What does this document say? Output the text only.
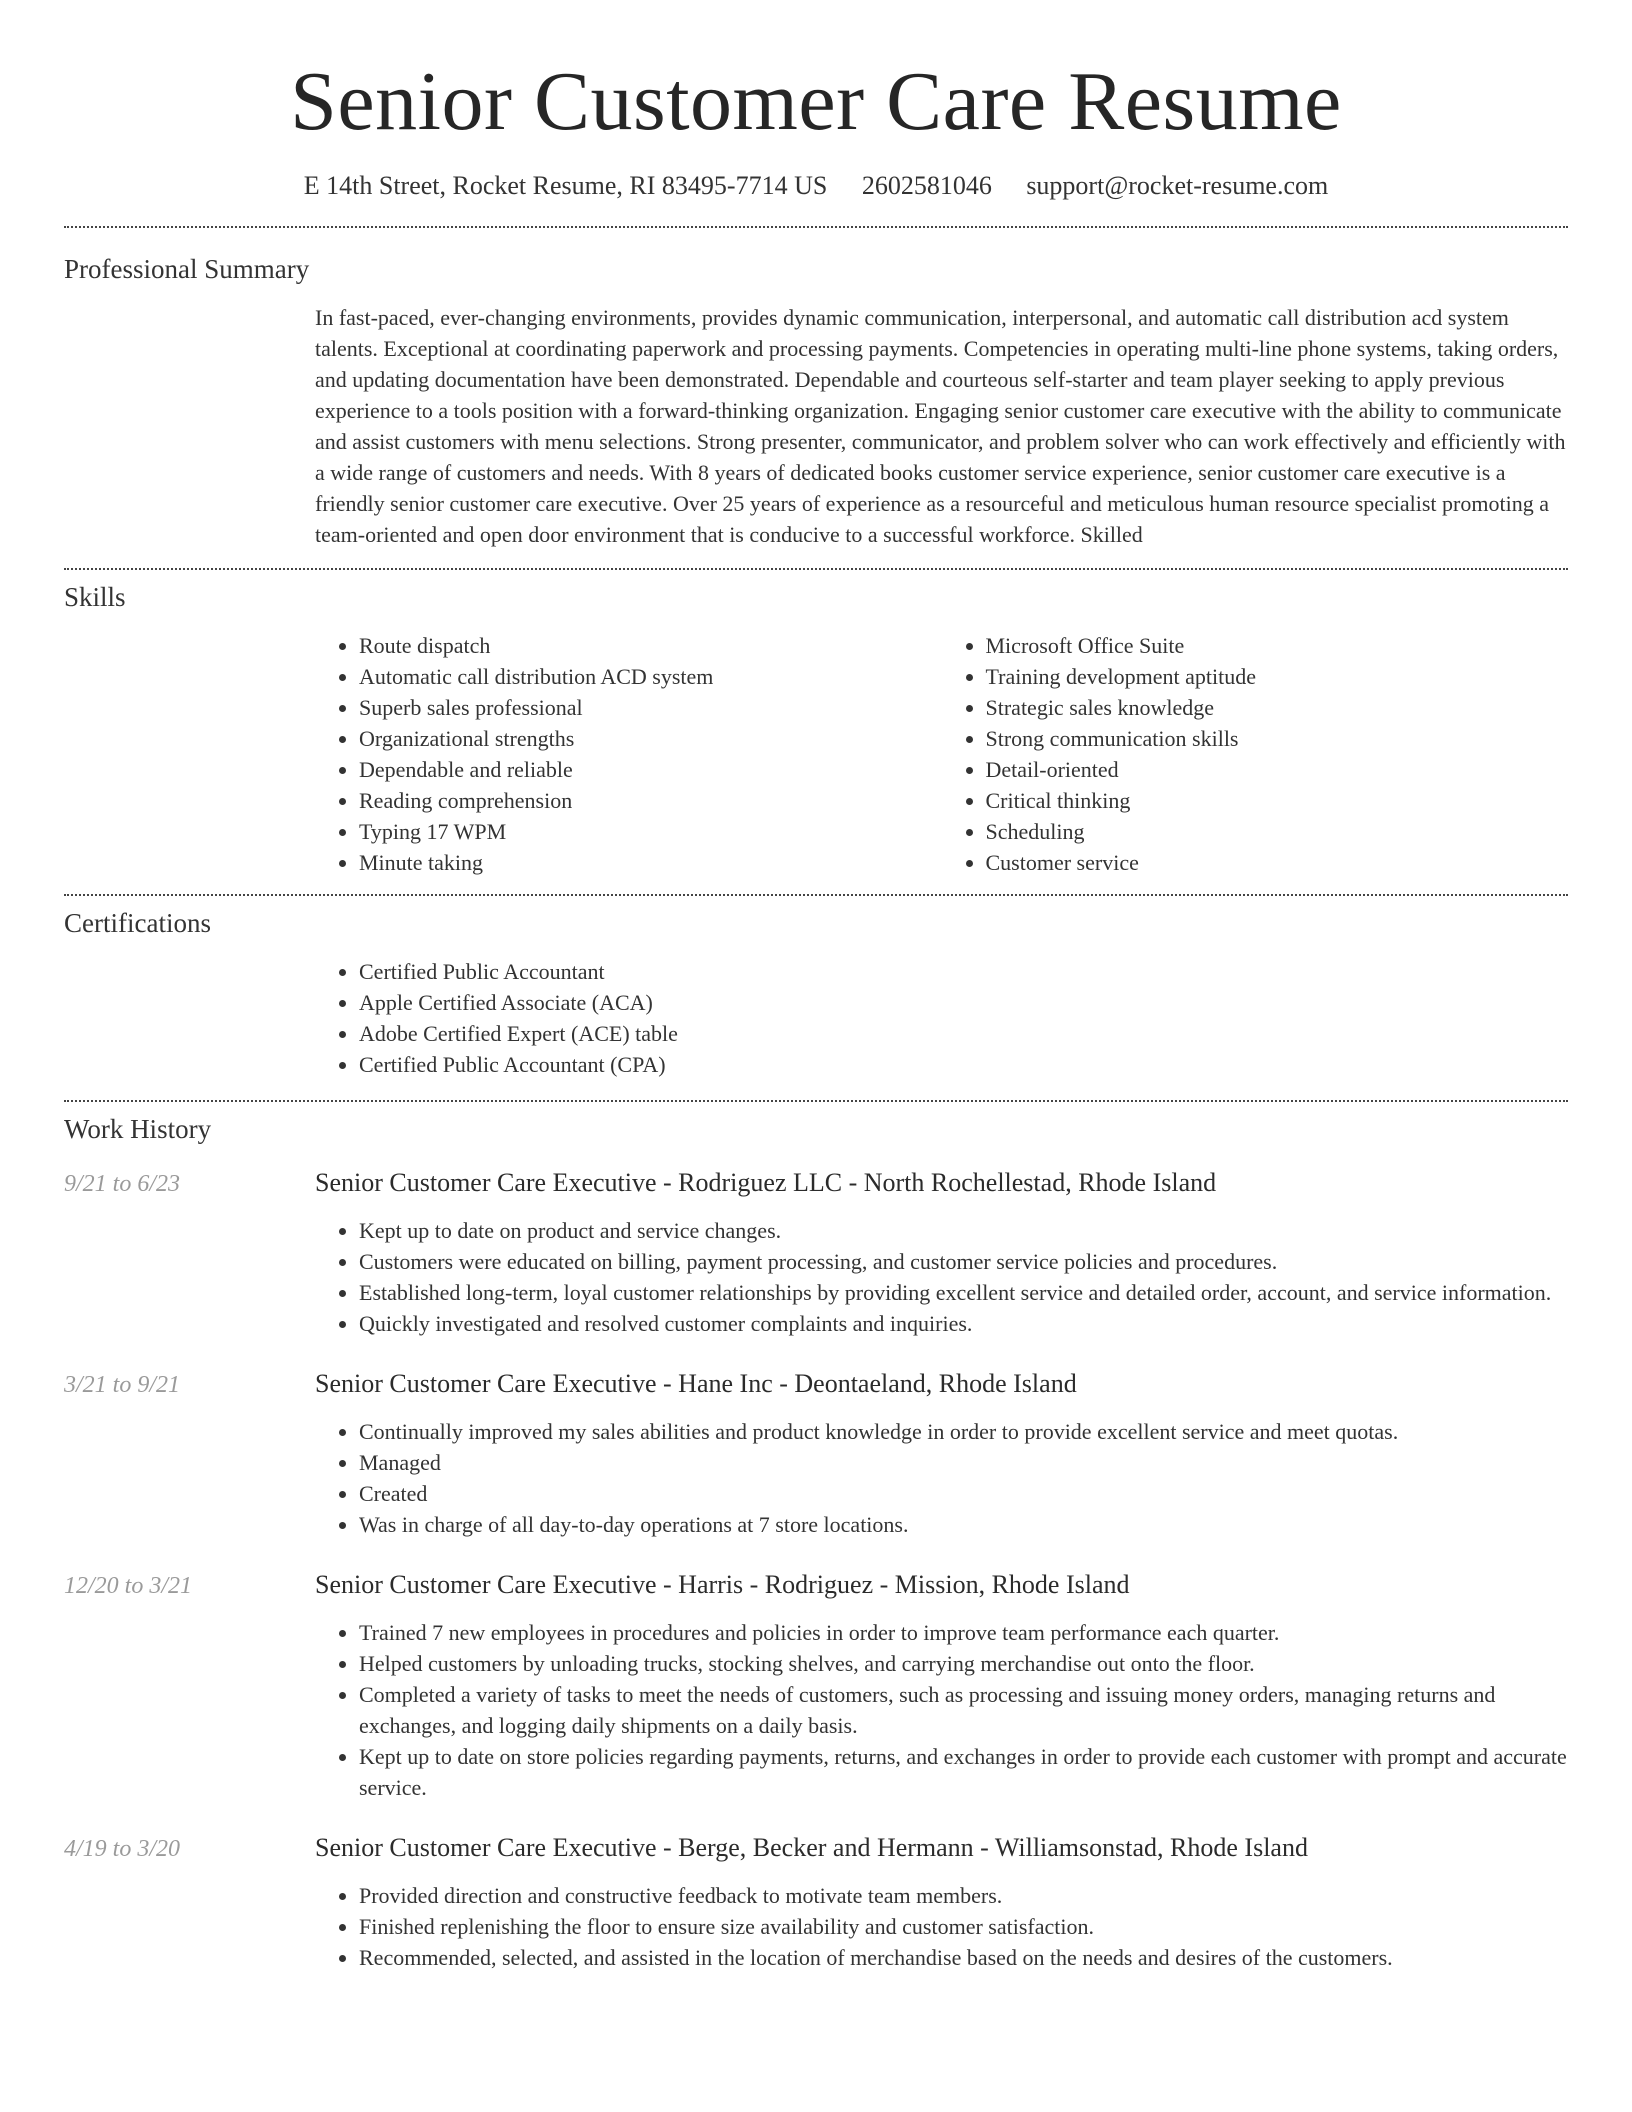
Senior Customer Care Resume
E 14th Street, Rocket Resume, RI 83495-7714 US 2602581046 support@rocket-resume.com
Professional Summary
In fast-paced, ever-changing environments, provides dynamic communication, interpersonal, and automatic call distribution acd system talents. Exceptional at coordinating paperwork and processing payments. Competencies in operating multi-line phone systems, taking orders, and updating documentation have been demonstrated. Dependable and courteous self-starter and team player seeking to apply previous experience to a tools position with a forward-thinking organization. Engaging senior customer care executive with the ability to communicate and assist customers with menu selections. Strong presenter, communicator, and problem solver who can work effectively and efficiently with a wide range of customers and needs. With 8 years of dedicated books customer service experience, senior customer care executive is a friendly senior customer care executive. Over 25 years of experience as a resourceful and meticulous human resource specialist promoting a team-oriented and open door environment that is conducive to a successful workforce. Skilled
Skills
• Route dispatch
• Automatic call distribution ACD system
• Superb sales professional
• Organizational strengths
• Dependable and reliable
• Reading comprehension
• Typing 17 WPM
• Minute taking
• Microsoft Office Suite
• Training development aptitude
• Strategic sales knowledge
• Strong communication skills
• Detail-oriented
• Critical thinking
• Scheduling
• Customer service
Certifications
• Certified Public Accountant
• Apple Certified Associate (ACA)
• Adobe Certified Expert (ACE) table
• Certified Public Accountant (CPA)
Work History
9/21 to 6/23	Senior Customer Care Executive - Rodriguez LLC - North Rochellestad, Rhode Island
• Kept up to date on product and service changes.
• Customers were educated on billing, payment processing, and customer service policies and procedures.
• Established long-term, loyal customer relationships by providing excellent service and detailed order, account, and service information.
• Quickly investigated and resolved customer complaints and inquiries.
3/21 to 9/21	Senior Customer Care Executive - Hane Inc - Deontaeland, Rhode Island
• Continually improved my sales abilities and product knowledge in order to provide excellent service and meet quotas.
• Managed
• Created
• Was in charge of all day-to-day operations at 7 store locations.
12/20 to 3/21	Senior Customer Care Executive - Harris - Rodriguez - Mission, Rhode Island
• Trained 7 new employees in procedures and policies in order to improve team performance each quarter.
• Helped customers by unloading trucks, stocking shelves, and carrying merchandise out onto the floor.
• Completed a variety of tasks to meet the needs of customers, such as processing and issuing money orders, managing returns and exchanges, and logging daily shipments on a daily basis.
• Kept up to date on store policies regarding payments, returns, and exchanges in order to provide each customer with prompt and accurate service.
4/19 to 3/20	Senior Customer Care Executive - Berge, Becker and Hermann - Williamsonstad, Rhode Island
• Provided direction and constructive feedback to motivate team members.
• Finished replenishing the floor to ensure size availability and customer satisfaction.
• Recommended, selected, and assisted in the location of merchandise based on the needs and desires of the customers.
